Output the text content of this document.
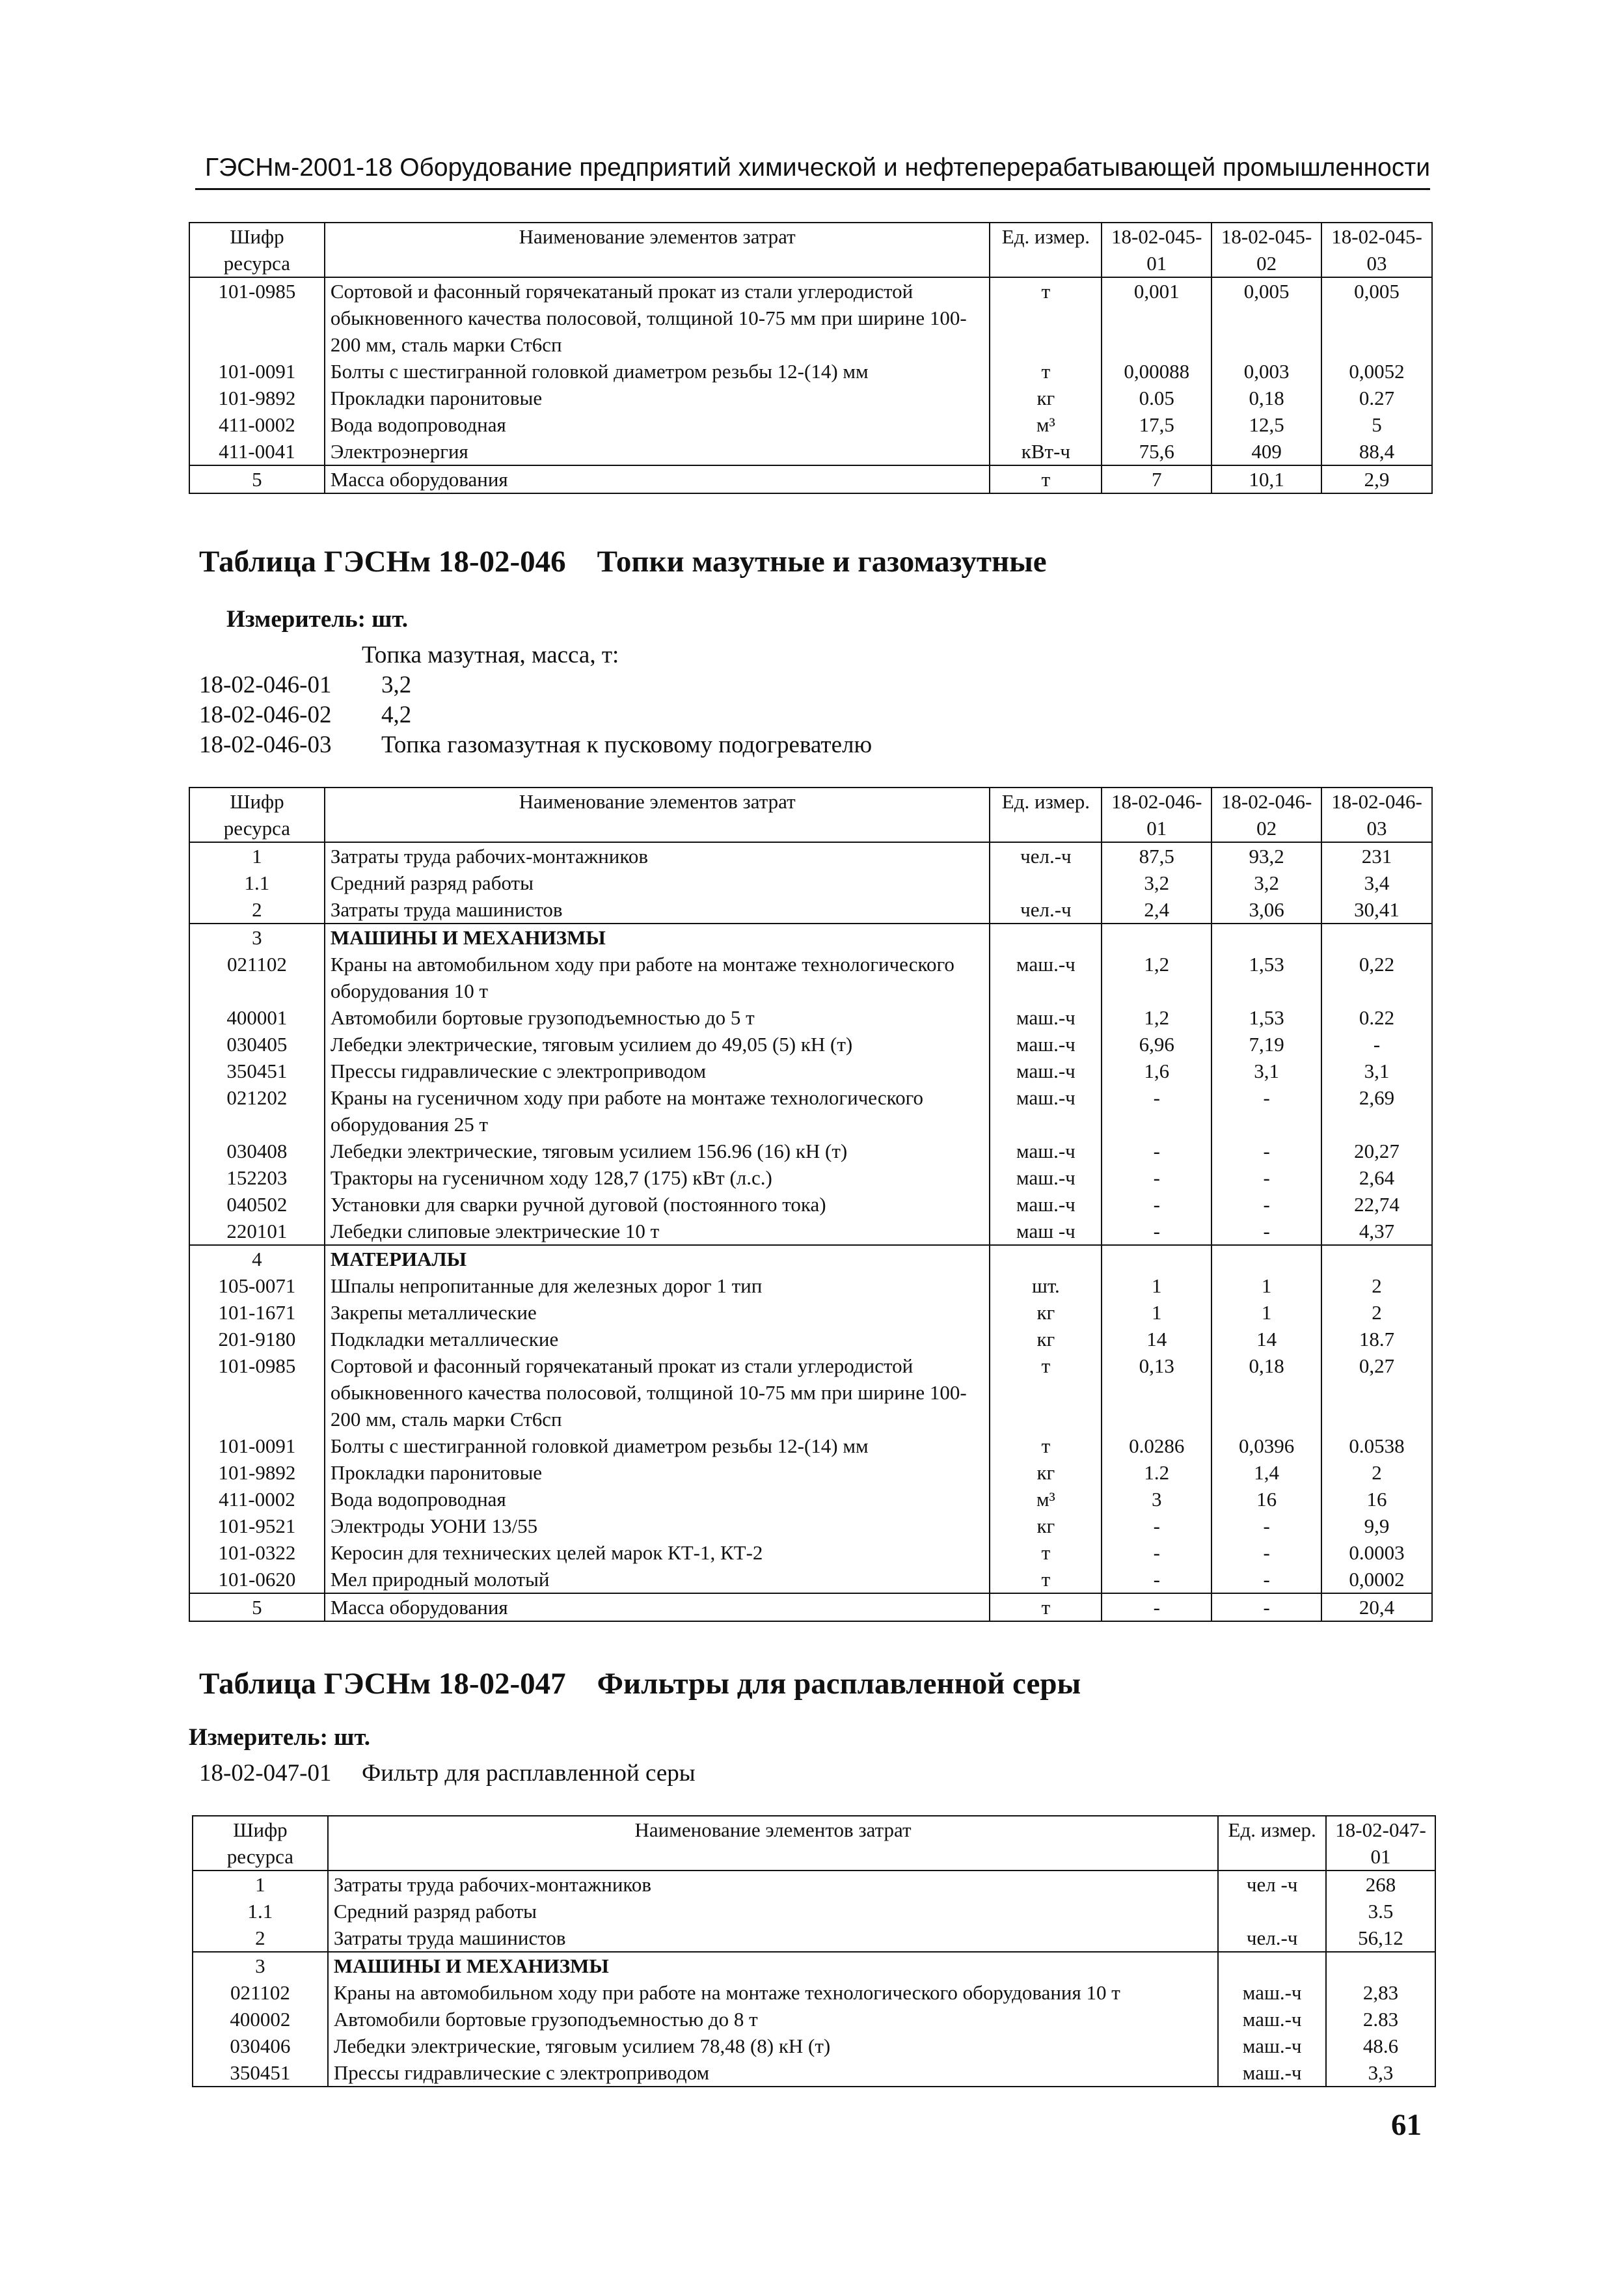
ГЭСНм-2001-18 Оборудование предприятий химической и нефтеперерабатывающей промышленности
Шифр ресурса	Наименование элементов затрат	Ед. измер.	18-02-045-01	18-02-045-02	18-02-045-03
101-0985	Сортовой и фасонный горячекатаный прокат из стали углеродистой обыкновенного качества полосовой, толщиной 10-75 мм при ширине 100-200 мм, сталь марки Ст6сп	т	0,001	0,005	0,005
101-0091	Болты с шестигранной головкой диаметром резьбы 12-(14) мм	т	0,00088	0,003	0,0052
101-9892	Прокладки паронитовые	кг	0.05	0,18	0.27
411-0002	Вода водопроводная	м³	17,5	12,5	5
411-0041	Электроэнергия	кВт-ч	75,6	409	88,4
5	Масса оборудования	т	7	10,1	2,9
Таблица ГЭСНм 18-02-046 Топки мазутные и газомазутные
Измеритель: шт.
Топка мазутная, масса, т:
18-02-046-01	3,2
18-02-046-02	4,2
18-02-046-03	Топка газомазутная к пусковому подогревателю
Шифр ресурса	Наименование элементов затрат	Ед. измер.	18-02-046-01	18-02-046-02	18-02-046-03
1	Затраты труда рабочих-монтажников	чел.-ч	87,5	93,2	231
1.1	Средний разряд работы		3,2	3,2	3,4
2	Затраты труда машинистов	чел.-ч	2,4	3,06	30,41
3	МАШИНЫ И МЕХАНИЗМЫ				
021102	Краны на автомобильном ходу при работе на монтаже технологического оборудования 10 т	маш.-ч	1,2	1,53	0,22
400001	Автомобили бортовые грузоподъемностью до 5 т	маш.-ч	1,2	1,53	0.22
030405	Лебедки электрические, тяговым усилием до 49,05 (5) кН (т)	маш.-ч	6,96	7,19	-
350451	Прессы гидравлические с электроприводом	маш.-ч	1,6	3,1	3,1
021202	Краны на гусеничном ходу при работе на монтаже технологического оборудования 25 т	маш.-ч	-	-	2,69
030408	Лебедки электрические, тяговым усилием 156.96 (16) кН (т)	маш.-ч	-	-	20,27
152203	Тракторы на гусеничном ходу 128,7 (175) кВт (л.с.)	маш.-ч	-	-	2,64
040502	Установки для сварки ручной дуговой (постоянного тока)	маш.-ч	-	-	22,74
220101	Лебедки слиповые электрические 10 т	маш -ч	-	-	4,37
4	МАТЕРИАЛЫ				
105-0071	Шпалы непропитанные для железных дорог 1 тип	шт.	1	1	2
101-1671	Закрепы металлические	кг	1	1	2
201-9180	Подкладки металлические	кг	14	14	18.7
101-0985	Сортовой и фасонный горячекатаный прокат из стали углеродистой обыкновенного качества полосовой, толщиной 10-75 мм при ширине 100-200 мм, сталь марки Ст6сп	т	0,13	0,18	0,27
101-0091	Болты с шестигранной головкой диаметром резьбы 12-(14) мм	т	0.0286	0,0396	0.0538
101-9892	Прокладки паронитовые	кг	1.2	1,4	2
411-0002	Вода водопроводная	м³	3	16	16
101-9521	Электроды УОНИ 13/55	кг	-	-	9,9
101-0322	Керосин для технических целей марок КТ-1, КТ-2	т	-	-	0.0003
101-0620	Мел природный молотый	т	-	-	0,0002
5	Масса оборудования	т	-	-	20,4
Таблица ГЭСНм 18-02-047 Фильтры для расплавленной серы
Измеритель: шт.
18-02-047-01	Фильтр для расплавленной серы
Шифр ресурса	Наименование элементов затрат	Ед. измер.	18-02-047-01
1	Затраты труда рабочих-монтажников	чел -ч	268
1.1	Средний разряд работы		3.5
2	Затраты труда машинистов	чел.-ч	56,12
3	МАШИНЫ И МЕХАНИЗМЫ		
021102	Краны на автомобильном ходу при работе на монтаже технологического оборудования 10 т	маш.-ч	2,83
400002	Автомобили бортовые грузоподъемностью до 8 т	маш.-ч	2.83
030406	Лебедки электрические, тяговым усилием 78,48 (8) кН (т)	маш.-ч	48.6
350451	Прессы гидравлические с электроприводом	маш.-ч	3,3
61
